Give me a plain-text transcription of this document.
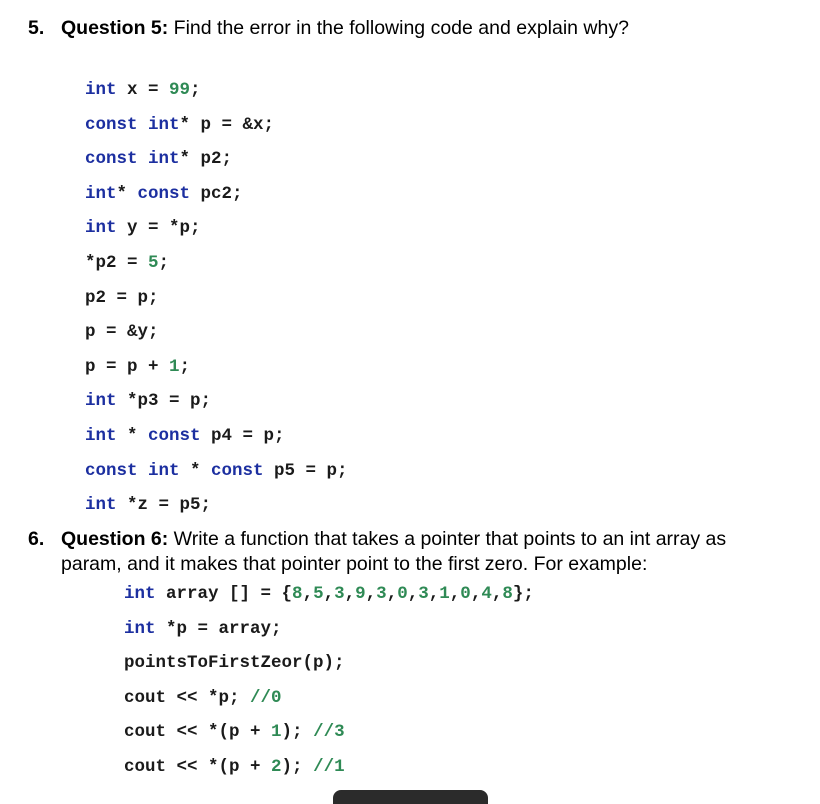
5. Question 5: Find the error in the following code and explain why?
int x = 99;
const int* p = &x;
const int* p2;
int* const pc2;
int y = *p;
*p2 = 5;
p2 = p;
p = &y;
p = p + 1;
int *p3 = p;
int * const p4 = p;
const int * const p5 = p;
int *z = p5;
6. Question 6: Write a function that takes a pointer that points to an int array as
param, and it makes that pointer point to the first zero. For example:
int array [] = {8,5,3,9,3,0,3,1,0,4,8};
int *p = array;
pointsToFirstZeor(p);
cout << *p; //0
cout << *(p + 1); //3
cout << *(p + 2); //1
